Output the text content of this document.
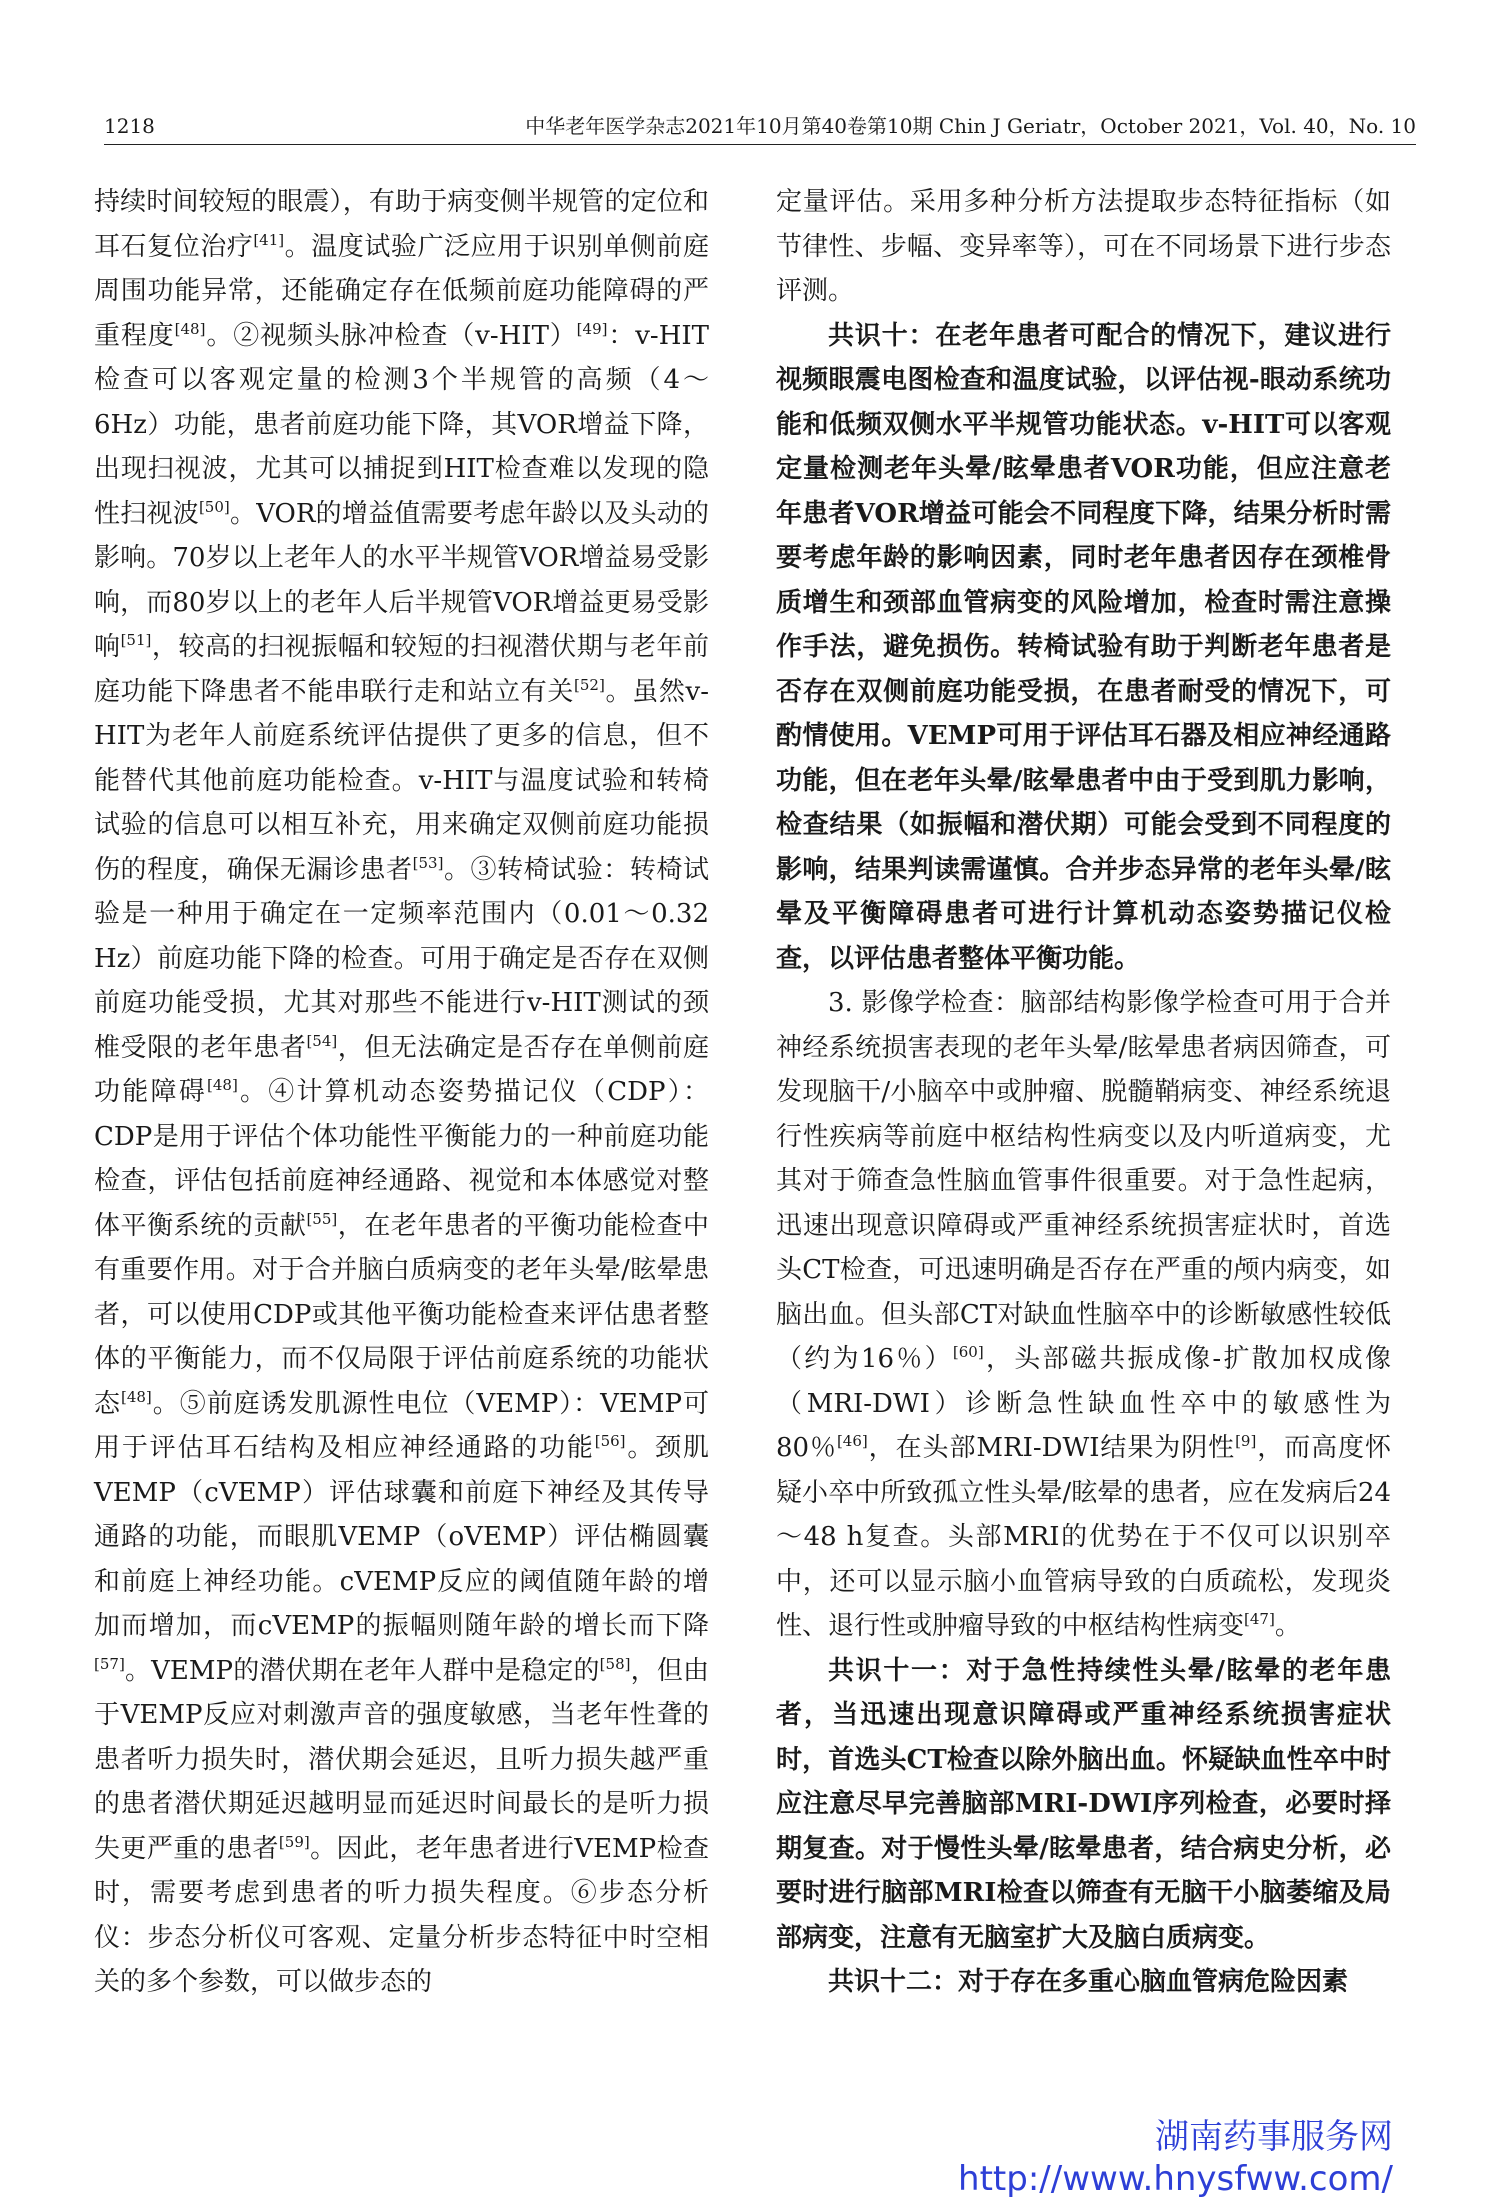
1218	中华老年医学杂志2021年10月第40卷第10期 Chin J Geriatr，October 2021，Vol. 40，No. 10

持续时间较短的眼震），有助于病变侧半规管的定位和耳石复位治疗[41]。温度试验广泛应用于识别单侧前庭周围功能异常，还能确定存在低频前庭功能障碍的严重程度[48]。②视频头脉冲检查（v-HIT）[49]：v-HIT检查可以客观定量的检测3个半规管的高频（4～6Hz）功能，患者前庭功能下降，其VOR增益下降，出现扫视波，尤其可以捕捉到HIT检查难以发现的隐性扫视波[50]。VOR的增益值需要考虑年龄以及头动的影响。70岁以上老年人的水平半规管VOR增益易受影响，而80岁以上的老年人后半规管VOR增益更易受影响[51]，较高的扫视振幅和较短的扫视潜伏期与老年前庭功能下降患者不能串联行走和站立有关[52]。虽然v-HIT为老年人前庭系统评估提供了更多的信息，但不能替代其他前庭功能检查。v-HIT与温度试验和转椅试验的信息可以相互补充，用来确定双侧前庭功能损伤的程度，确保无漏诊患者[53]。③转椅试验：转椅试验是一种用于确定在一定频率范围内（0.01～0.32 Hz）前庭功能下降的检查。可用于确定是否存在双侧前庭功能受损，尤其对那些不能进行v-HIT测试的颈椎受限的老年患者[54]，但无法确定是否存在单侧前庭功能障碍[48]。④计算机动态姿势描记仪（CDP）：CDP是用于评估个体功能性平衡能力的一种前庭功能检查，评估包括前庭神经通路、视觉和本体感觉对整体平衡系统的贡献[55]，在老年患者的平衡功能检查中有重要作用。对于合并脑白质病变的老年头晕/眩晕患者，可以使用CDP或其他平衡功能检查来评估患者整体的平衡能力，而不仅局限于评估前庭系统的功能状态[48]。⑤前庭诱发肌源性电位（VEMP）：VEMP可用于评估耳石结构及相应神经通路的功能[56]。颈肌VEMP（cVEMP）评估球囊和前庭下神经及其传导通路的功能，而眼肌VEMP（oVEMP）评估椭圆囊和前庭上神经功能。cVEMP反应的阈值随年龄的增加而增加，而cVEMP的振幅则随年龄的增长而下降[57]。VEMP的潜伏期在老年人群中是稳定的[58]，但由于VEMP反应对刺激声音的强度敏感，当老年性聋的患者听力损失时，潜伏期会延迟，且听力损失越严重的患者潜伏期延迟越明显而延迟时间最长的是听力损失更严重的患者[59]。因此，老年患者进行VEMP检查时，需要考虑到患者的听力损失程度。⑥步态分析仪：步态分析仪可客观、定量分析步态特征中时空相关的多个参数，可以做步态的

定量评估。采用多种分析方法提取步态特征指标（如节律性、步幅、变异率等），可在不同场景下进行步态评测。

共识十：在老年患者可配合的情况下，建议进行视频眼震电图检查和温度试验，以评估视-眼动系统功能和低频双侧水平半规管功能状态。v-HIT可以客观定量检测老年头晕/眩晕患者VOR功能，但应注意老年患者VOR增益可能会不同程度下降，结果分析时需要考虑年龄的影响因素，同时老年患者因存在颈椎骨质增生和颈部血管病变的风险增加，检查时需注意操作手法，避免损伤。转椅试验有助于判断老年患者是否存在双侧前庭功能受损，在患者耐受的情况下，可酌情使用。VEMP可用于评估耳石器及相应神经通路功能，但在老年头晕/眩晕患者中由于受到肌力影响，检查结果（如振幅和潜伏期）可能会受到不同程度的影响，结果判读需谨慎。合并步态异常的老年头晕/眩晕及平衡障碍患者可进行计算机动态姿势描记仪检查，以评估患者整体平衡功能。

3. 影像学检查：脑部结构影像学检查可用于合并神经系统损害表现的老年头晕/眩晕患者病因筛查，可发现脑干/小脑卒中或肿瘤、脱髓鞘病变、神经系统退行性疾病等前庭中枢结构性病变以及内听道病变，尤其对于筛查急性脑血管事件很重要。对于急性起病，迅速出现意识障碍或严重神经系统损害症状时，首选头CT检查，可迅速明确是否存在严重的颅内病变，如脑出血。但头部CT对缺血性脑卒中的诊断敏感性较低（约为16％）[60]，头部磁共振成像-扩散加权成像（MRI-DWI）诊断急性缺血性卒中的敏感性为80％[46]，在头部MRI-DWI结果为阴性[9]，而高度怀疑小卒中所致孤立性头晕/眩晕的患者，应在发病后24～48 h复查。头部MRI的优势在于不仅可以识别卒中，还可以显示脑小血管病导致的白质疏松，发现炎性、退行性或肿瘤导致的中枢结构性病变[47]。

共识十一：对于急性持续性头晕/眩晕的老年患者，当迅速出现意识障碍或严重神经系统损害症状时，首选头CT检查以除外脑出血。怀疑缺血性卒中时应注意尽早完善脑部MRI-DWI序列检查，必要时择期复查。对于慢性头晕/眩晕患者，结合病史分析，必要时进行脑部MRI检查以筛查有无脑干小脑萎缩及局部病变，注意有无脑室扩大及脑白质病变。

共识十二：对于存在多重心脑血管病危险因素

湖南药事服务网
http://www.hnysfww.com/
